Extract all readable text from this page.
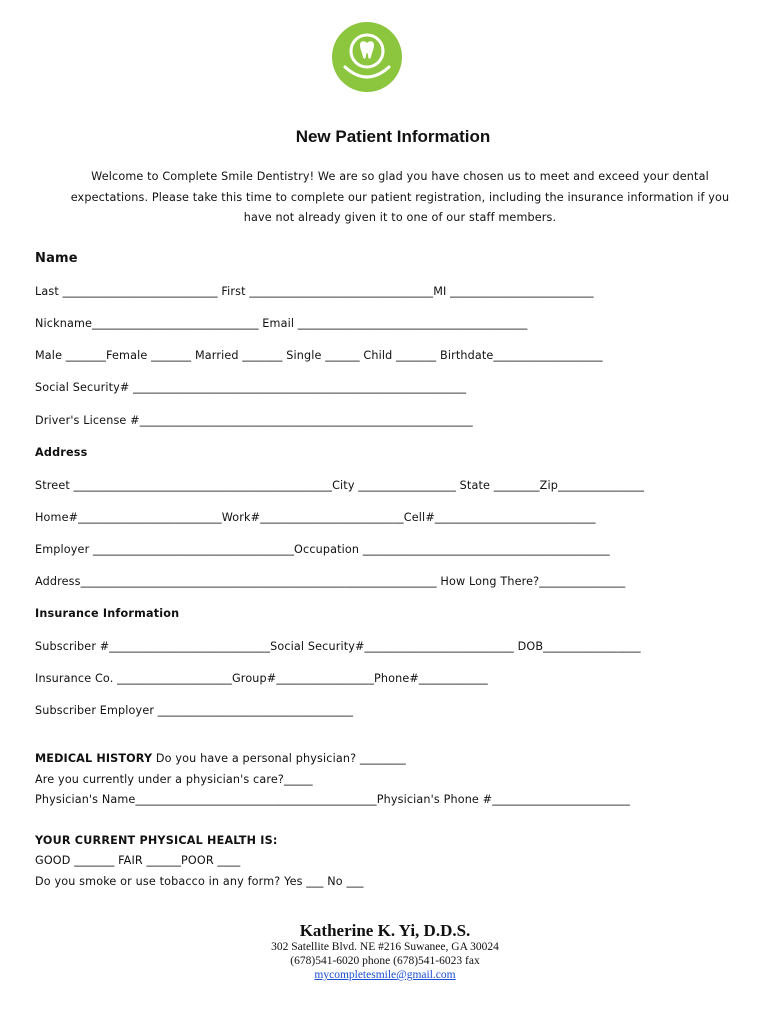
New Patient Information
Welcome to Complete Smile Dentistry! We are so glad you have chosen us to meet and exceed your dental expectations. Please take this time to complete our patient registration, including the insurance information if you have not already given it to one of our staff members.
Name
Last ___________________________ First ________________________________MI _________________________
Nickname_____________________________ Email ________________________________________
Male _______Female _______ Married _______ Single ______ Child _______ Birthdate___________________
Social Security# __________________________________________________________
Driver's License #__________________________________________________________
Address
Street _____________________________________________City _________________ State ________Zip_______________
Home#_________________________Work#_________________________Cell#____________________________
Employer ___________________________________Occupation ___________________________________________
Address______________________________________________________________ How Long There?_______________
Insurance Information
Subscriber #____________________________Social Security#__________________________ DOB_________________
Insurance Co. ____________________Group#_________________Phone#____________
Subscriber Employer __________________________________
MEDICAL HISTORY Do you have a personal physician? ________
Are you currently under a physician's care?_____
Physician's Name__________________________________________Physician's Phone #________________________
YOUR CURRENT PHYSICAL HEALTH IS:
GOOD _______ FAIR ______POOR ____
Do you smoke or use tobacco in any form? Yes ___ No ___
Katherine K. Yi, D.D.S.
302 Satellite Blvd. NE #216 Suwanee, GA 30024
(678)541-6020 phone (678)541-6023 fax
mycompletesmile@gmail.com
